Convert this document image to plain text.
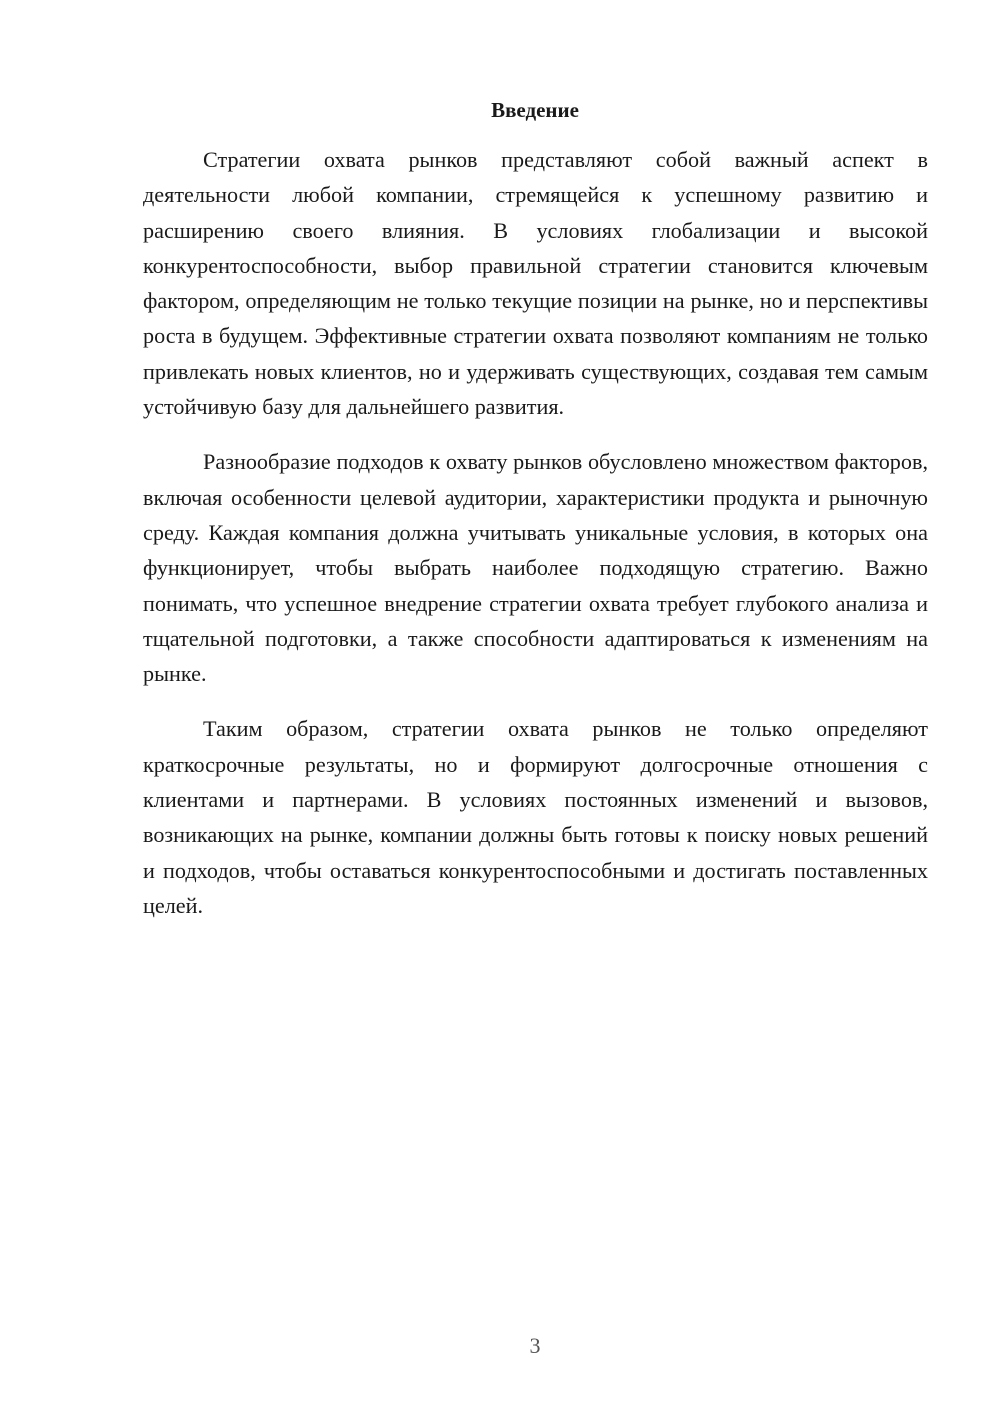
Введение

Стратегии охвата рынков представляют собой важный аспект в деятельности любой компании, стремящейся к успешному развитию и расширению своего влияния. В условиях глобализации и высокой конкурентоспособности, выбор правильной стратегии становится ключевым фактором, определяющим не только текущие позиции на рынке, но и перспективы роста в будущем. Эффективные стратегии охвата позволяют компаниям не только привлекать новых клиентов, но и удерживать существующих, создавая тем самым устойчивую базу для дальнейшего развития.

Разнообразие подходов к охвату рынков обусловлено множеством факторов, включая особенности целевой аудитории, характеристики продукта и рыночную среду. Каждая компания должна учитывать уникальные условия, в которых она функционирует, чтобы выбрать наиболее подходящую стратегию. Важно понимать, что успешное внедрение стратегии охвата требует глубокого анализа и тщательной подготовки, а также способности адаптироваться к изменениям на рынке.

Таким образом, стратегии охвата рынков не только определяют краткосрочные результаты, но и формируют долгосрочные отношения с клиентами и партнерами. В условиях постоянных изменений и вызовов, возникающих на рынке, компании должны быть готовы к поиску новых решений и подходов, чтобы оставаться конкурентоспособными и достигать поставленных целей.

3
